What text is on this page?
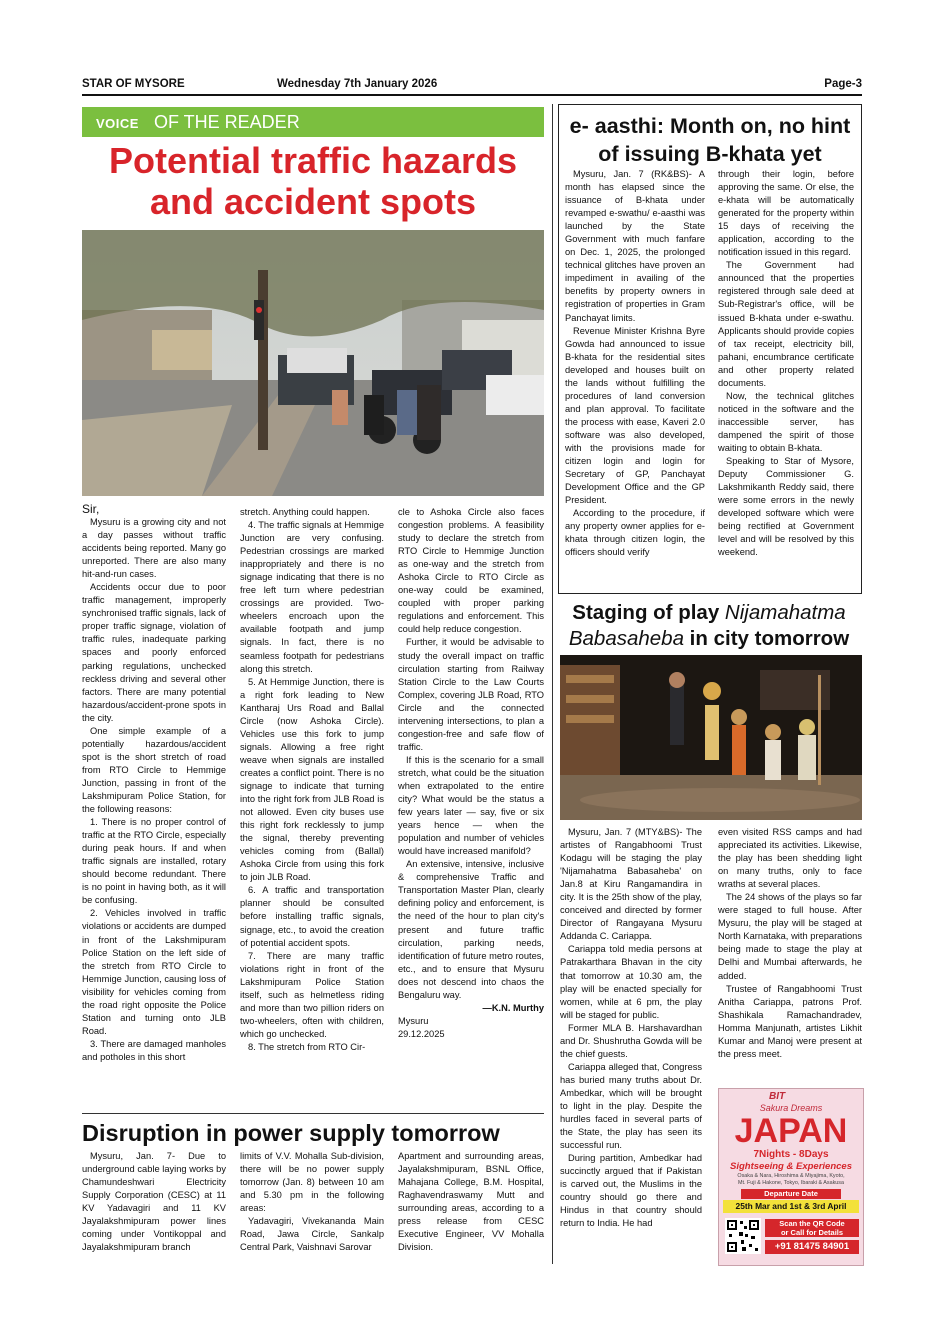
STAR OF MYSORE	Wednesday 7th January 2026	Page-3
VOICE OF THE READER
Potential traffic hazards
and accident spots

Sir,

Mysuru is a growing city and not a day passes without traffic accidents being reported. Many go unreported. There are also many hit-and-run cases.

Accidents occur due to poor traffic management, improperly synchronised traffic signals, lack of proper traffic signage, violation of traffic rules, inadequate parking spaces and poorly enforced parking regulations, unchecked reckless driving and several other factors. There are many potential hazardous/accident-prone spots in the city.

One simple example of a potentially hazardous/accident spot is the short stretch of road from RTO Circle to Hemmige Junction, passing in front of the Lakshmipuram Police Station, for the following reasons:

1. There is no proper control of traffic at the RTO Circle, especially during peak hours. If and when traffic signals are installed, rotary should become redundant. There is no point in having both, as it will be confusing.

2. Vehicles involved in traffic violations or accidents are dumped in front of the Lakshmipuram Police Station on the left side of the stretch from RTO Circle to Hemmige Junction, causing loss of visibility for vehicles coming from the road right opposite the Police Station and turning onto JLB Road.

3. There are damaged manholes and potholes in this short

stretch. Anything could happen.

4. The traffic signals at Hemmige Junction are very confusing. Pedestrian crossings are marked inappropriately and there is no signage indicating that there is no free left turn where pedestrian crossings are provided. Two-wheelers encroach upon the available footpath and jump signals. In fact, there is no seamless footpath for pedestrians along this stretch.

5. At Hemmige Junction, there is a right fork leading to New Kantharaj Urs Road and Ballal Circle (now Ashoka Circle). Vehicles use this fork to jump signals. Allowing a free right weave when signals are installed creates a conflict point. There is no signage to indicate that turning into the right fork from JLB Road is not allowed. Even city buses use this right fork recklessly to jump the signal, thereby preventing vehicles coming from (Ballal) Ashoka Circle from using this fork to join JLB Road.

6. A traffic and transportation planner should be consulted before installing traffic signals, signage, etc., to avoid the creation of potential accident spots.

7. There are many traffic violations right in front of the Lakshmipuram Police Station itself, such as helmetless riding and more than two pillion riders on two-wheelers, often with children, which go unchecked.

8. The stretch from RTO Cir-

cle to Ashoka Circle also faces congestion problems. A feasibility study to declare the stretch from RTO Circle to Hemmige Junction as one-way and the stretch from Ashoka Circle to RTO Circle as one-way could be examined, coupled with proper parking regulations and enforcement. This could help reduce congestion.

Further, it would be advisable to study the overall impact on traffic circulation starting from Railway Station Circle to the Law Courts Complex, covering JLB Road, RTO Circle and the connected intervening intersections, to plan a congestion-free and safe flow of traffic.

If this is the scenario for a small stretch, what could be the situation when extrapolated to the entire city? What would be the status a few years later — say, five or six years hence — when the population and number of vehicles would have increased manifold?

An extensive, intensive, inclusive & comprehensive Traffic and Transportation Master Plan, clearly defining policy and enforcement, is the need of the hour to plan city's present and future traffic circulation, parking needs, identification of future metro routes, etc., and to ensure that Mysuru does not descend into chaos the Bengaluru way.

—K.N. Murthy

Mysuru

29.12.2025

Disruption in power supply tomorrow

Mysuru, Jan. 7- Due to underground cable laying works by Chamundeshwari Electricity Supply Corporation (CESC) at 11 KV Yadavagiri and 11 KV Jayalakshmipuram power lines coming under Vontikoppal and Jayalakshmipuram branch

limits of V.V. Mohalla Sub-division, there will be no power supply tomorrow (Jan. 8) between 10 am and 5.30 pm in the following areas:

Yadavagiri, Vivekananda Main Road, Jawa Circle, Sankalp Central Park, Vaishnavi Sarovar

Apartment and surrounding areas, Jayalakshmipuram, BSNL Office, Mahajana College, B.M. Hospital, Raghavendraswamy Mutt and surrounding areas, according to a press release from CESC Executive Engineer, VV Mohalla Division.

e- aasthi: Month on, no hint
of issuing B-khata yet

Mysuru, Jan. 7 (RK&BS)- A month has elapsed since the issuance of B-khata under revamped e-swathu/ e-aasthi was launched by the State Government with much fanfare on Dec. 1, 2025, the prolonged technical glitches have proven an impediment in availing of the benefits by property owners in registration of properties in Gram Panchayat limits.

Revenue Minister Krishna Byre Gowda had announced to issue B-khata for the residential sites developed and houses built on the lands without fulfilling the procedures of land conversion and plan approval. To facilitate the process with ease, Kaveri 2.0 software was also developed, with the provisions made for citizen login and login for Secretary of GP, Panchayat Development Office and the GP President.

According to the procedure, if any property owner applies for e-khata through citizen login, the officers should verify

through their login, before approving the same. Or else, the e-khata will be automatically generated for the property within 15 days of receiving the application, according to the notification issued in this regard.

The Government had announced that the properties registered through sale deed at Sub-Registrar's office, will be issued B-khata under e-swathu. Applicants should provide copies of tax receipt, electricity bill, pahani, encumbrance certificate and other property related documents.

Now, the technical glitches noticed in the software and the inaccessible server, has dampened the spirit of those waiting to obtain B-khata.

Speaking to Star of Mysore, Deputy Commissioner G. Lakshmikanth Reddy said, there were some errors in the newly developed software which were being rectified at Government level and will be resolved by this weekend.

Staging of play Nijamahatma
Babasaheba in city tomorrow

Mysuru, Jan. 7 (MTY&BS)- The artistes of Rangabhoomi Trust Kodagu will be staging the play 'Nijamahatma Babasaheba' on Jan.8 at Kiru Rangamandira in city. It is the 25th show of the play, conceived and directed by former Director of Rangayana Mysuru Addanda C. Cariappa.

Cariappa told media persons at Patrakarthara Bhavan in the city that tomorrow at 10.30 am, the play will be enacted specially for women, while at 6 pm, the play will be staged for public.

Former MLA B. Harshavardhan and Dr. Shushrutha Gowda will be the chief guests.

Cariappa alleged that, Congress has buried many truths about Dr. Ambedkar, which will be brought to light in the play. Despite the hurdles faced in several parts of the State, the play has seen its successful run.

During partition, Ambedkar had succinctly argued that if Pakistan is carved out, the Muslims in the country should go there and Hindus in that country should return to India. He had

even visited RSS camps and had appreciated its activities. Likewise, the play has been shedding light on many truths, only to face wraths at several places.

The 24 shows of the plays so far were staged to full house. After Mysuru, the play will be staged at North Karnataka, with preparations being made to stage the play at Delhi and Mumbai afterwards, he added.

Trustee of Rangabhoomi Trust Anitha Cariappa, patrons Prof. Shashikala Ramachandradev, Homma Manjunath, artistes Likhit Kumar and Manoj were present at the press meet.

BIT
Sakura Dreams
JAPAN
7Nights - 8Days
Sightseeing & Experiences
Osaka & Nara, Hiroshima & Miyajima, Kyoto,
Mt. Fuji & Hakone, Tokyo, Ibaraki & Asakusa
Departure Date
25th Mar and 1st & 3rd April
Scan the QR Code
or Call for Details
+91 81475 84901
